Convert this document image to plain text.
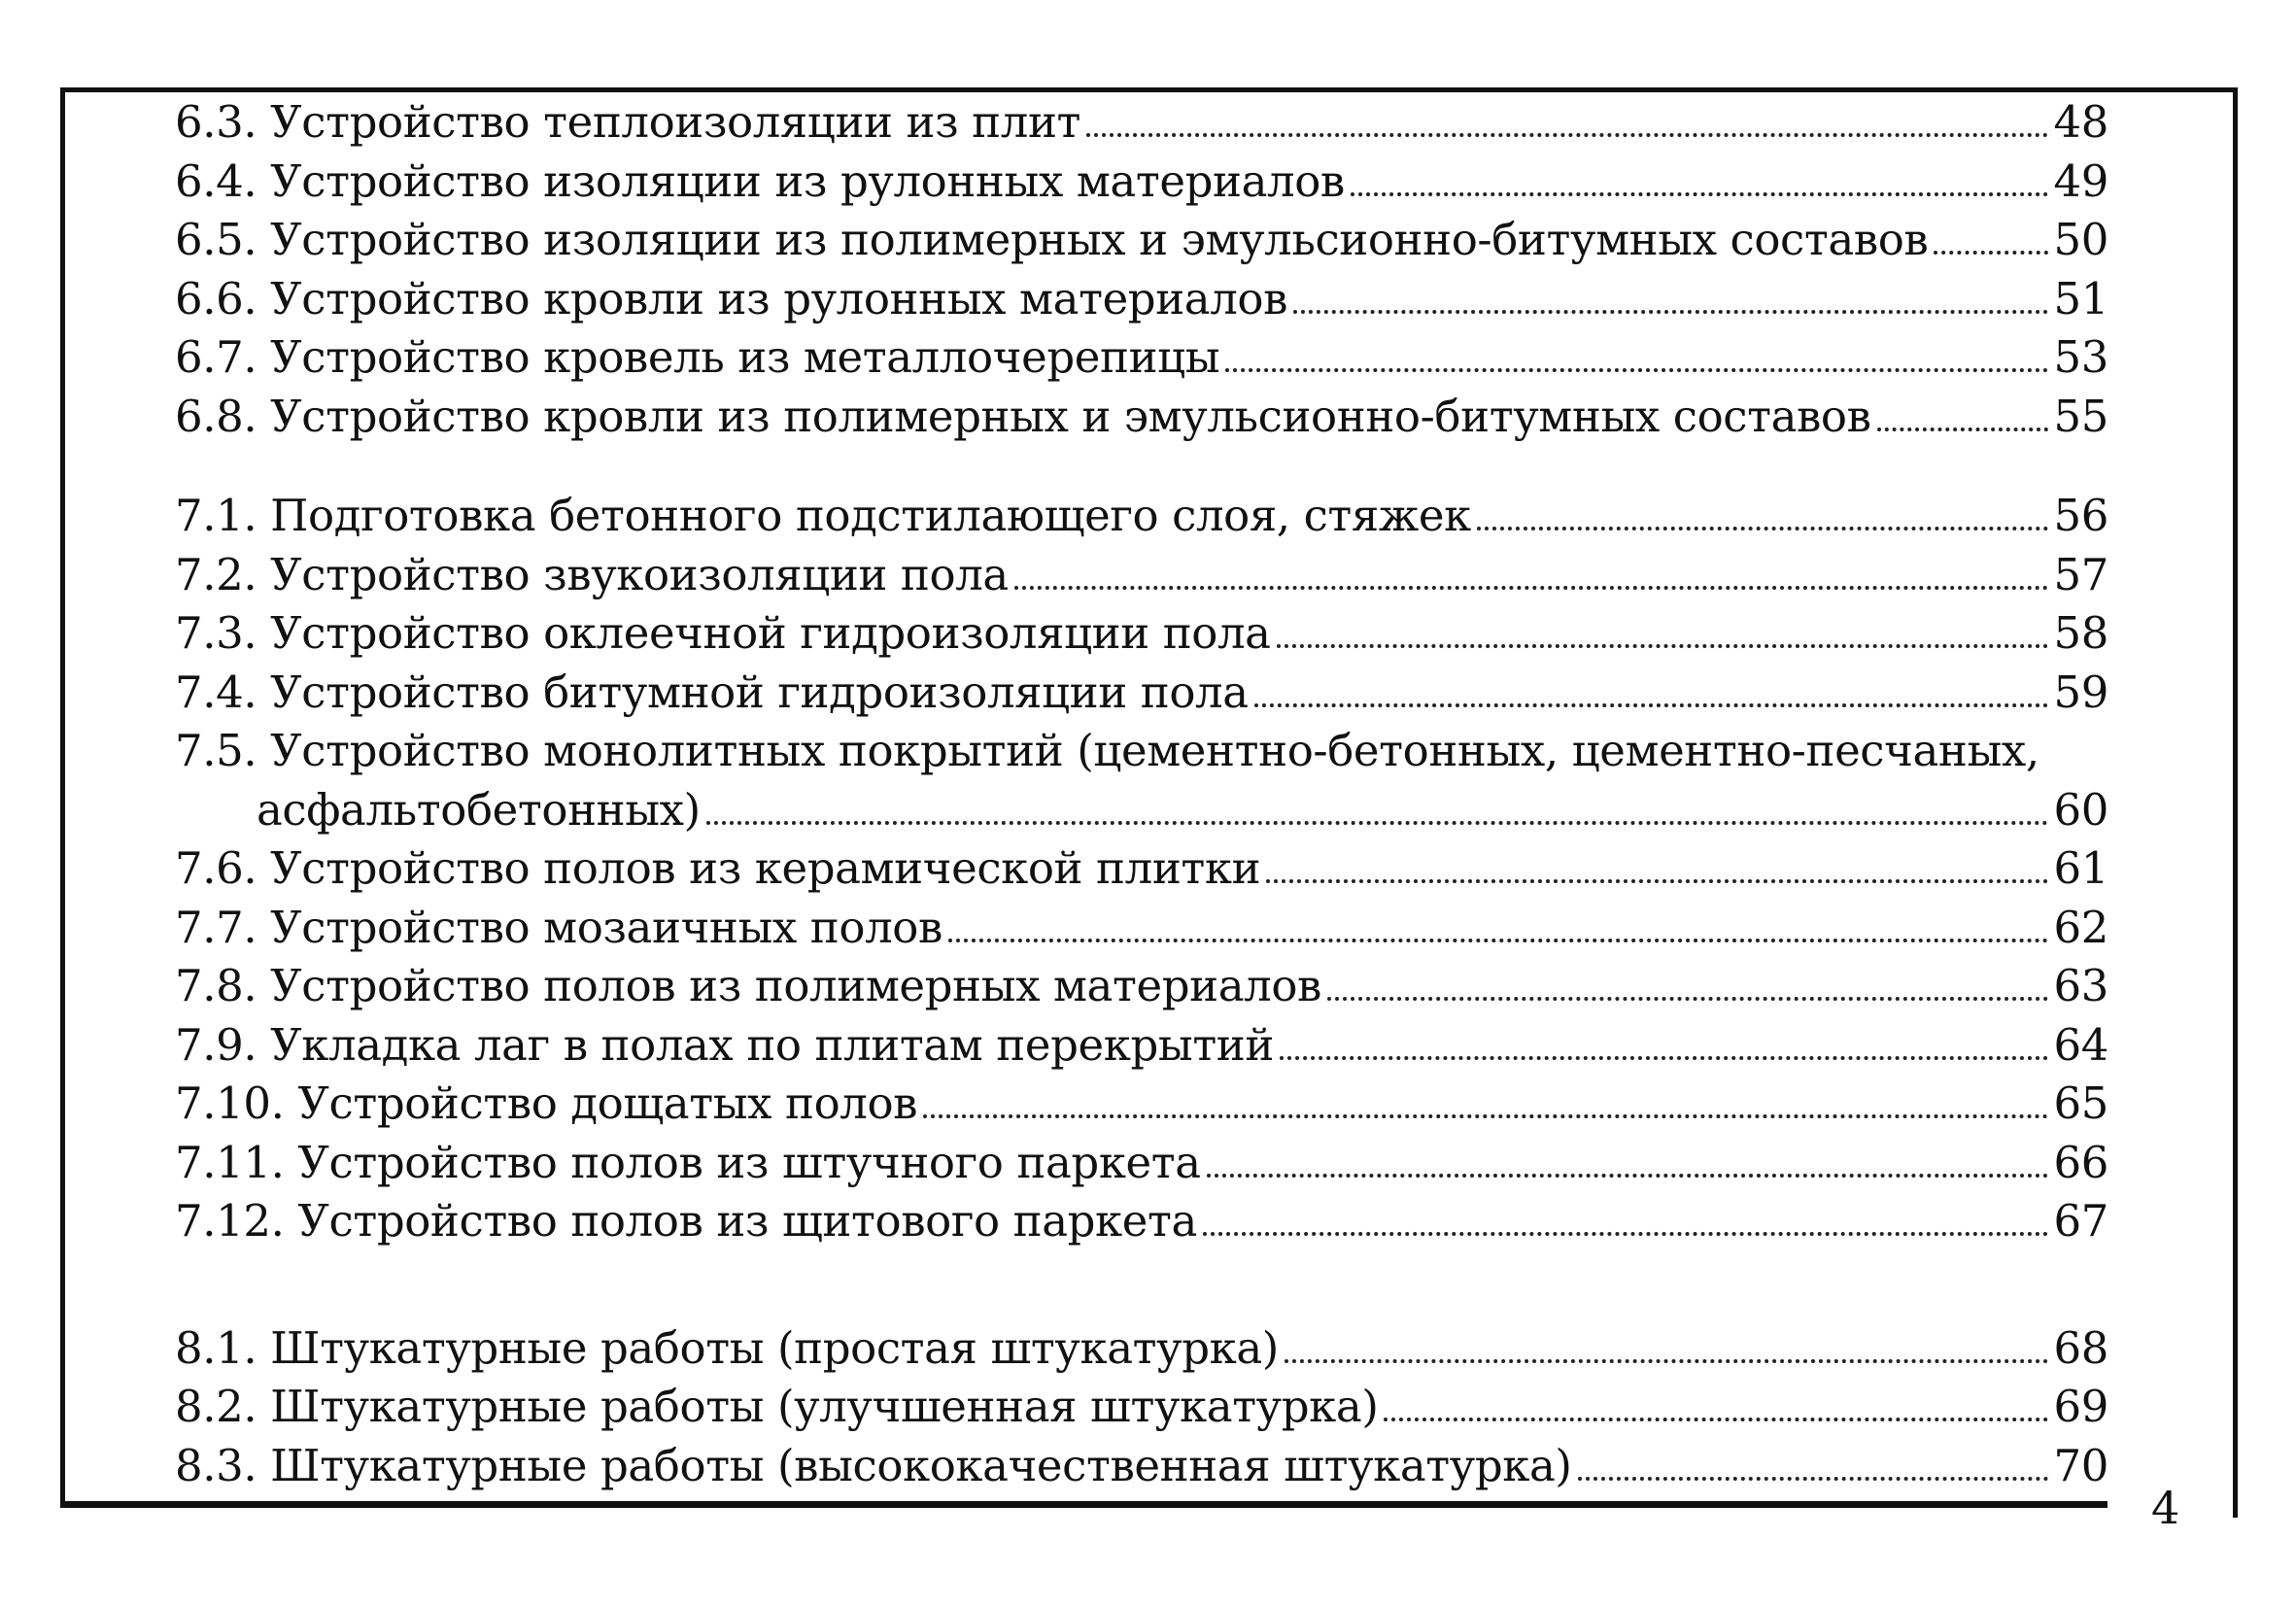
6.3. Устройство теплоизоляции из плит	48
6.4. Устройство изоляции из рулонных материалов	49
6.5. Устройство изоляции из полимерных и эмульсионно-битумных составов	50
6.6. Устройство кровли из рулонных материалов	51
6.7. Устройство кровель из металлочерепицы	53
6.8. Устройство кровли из полимерных и эмульсионно-битумных составов	55
7.1. Подготовка бетонного подстилающего слоя, стяжек	56
7.2. Устройство звукоизоляции пола	57
7.3. Устройство оклеечной гидроизоляции пола	58
7.4. Устройство битумной гидроизоляции пола	59
7.5. Устройство монолитных покрытий (цементно-бетонных, цементно-песчаных,
асфальтобетонных)	60
7.6. Устройство полов из керамической плитки	61
7.7. Устройство мозаичных полов	62
7.8. Устройство полов из полимерных материалов	63
7.9. Укладка лаг в полах по плитам перекрытий	64
7.10. Устройство дощатых полов	65
7.11. Устройство полов из штучного паркета	66
7.12. Устройство полов из щитового паркета	67
8.1. Штукатурные работы (простая штукатурка)	68
8.2. Штукатурные работы (улучшенная штукатурка)	69
8.3. Штукатурные работы (высококачественная штукатурка)	70
4
